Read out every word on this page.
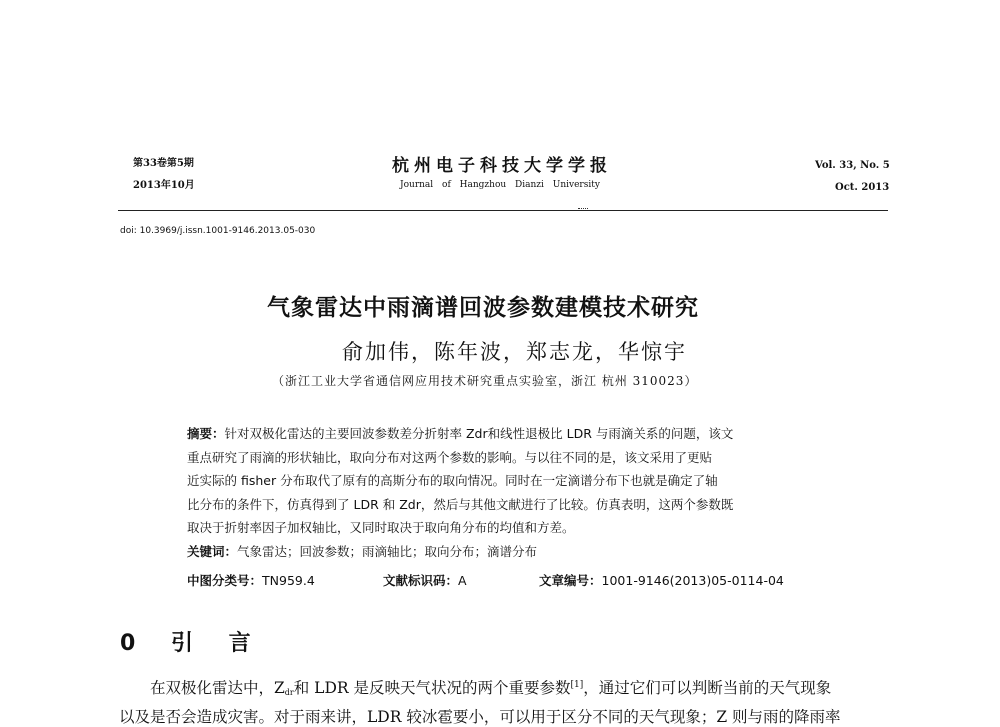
第33卷第5期
2013年10月
杭州电子科技大学学报
Journal of Hangzhou Dianzi University
Vol. 33, No. 5
Oct. 2013
doi: 10.3969/j.issn.1001-9146.2013.05-030
气象雷达中雨滴谱回波参数建模技术研究
俞加伟，陈年波，郑志龙，华惊宇
（浙江工业大学省通信网应用技术研究重点实验室，浙江 杭州 310023）
摘要：针对双极化雷达的主要回波参数差分折射率 Zdr和线性退极比 LDR 与雨滴关系的问题，该文
重点研究了雨滴的形状轴比，取向分布对这两个参数的影响。与以往不同的是，该文采用了更贴
近实际的 fisher 分布取代了原有的高斯分布的取向情况。同时在一定滴谱分布下也就是确定了轴
比分布的条件下，仿真得到了 LDR 和 Zdr，然后与其他文献进行了比较。仿真表明，这两个参数既
取决于折射率因子加权轴比，又同时取决于取向角分布的均值和方差。
关键词：气象雷达；回波参数；雨滴轴比；取向分布；滴谱分布
中图分类号：TN959.4	文献标识码：A	文章编号：1001-9146(2013)05-0114-04
0 引 言
在双极化雷达中，$Z_{dr}$和 LDR 是反映天气状况的两个重要参数[1]，通过它们可以判断当前的天气现象
以及是否会造成灾害。对于雨来讲，LDR 较冰雹要小，可以用于区分不同的天气现象；Z 则与雨的降雨率
